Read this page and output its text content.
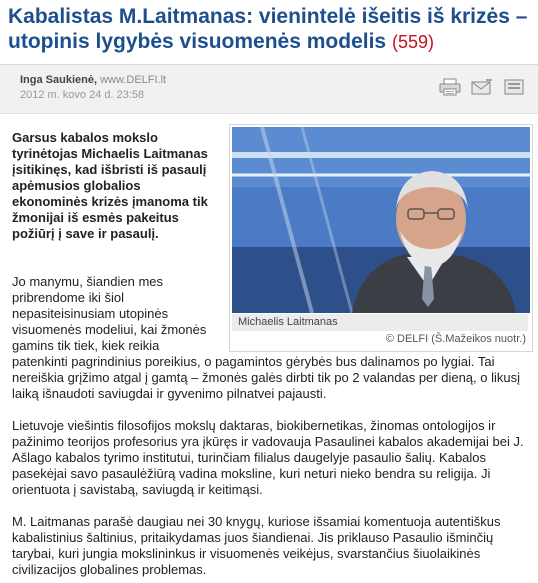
Kabalistas M.Laitmanas: vienintelė išeitis iš krizės – utopinis lygybės visuomenės modelis (559)
Inga Saukienė, www.DELFI.lt
2012 m. kovo 24 d. 23:58

Garsus kabalos mokslo tyrinėtojas Michaelis Laitmanas įsitikinęs, kad išbristi iš pasaulį apėmusios globalios ekonominės krizės įmanoma tik žmonijai iš esmės pakeitus požiūrį į save ir pasaulį.

Michaelis Laitmanas
© DELFI (Š.Mažeikos nuotr.)

Jo manymu, šiandien mes pribrendome iki šiol nepasiteisinusiam utopinės visuomenės modeliui, kai žmonės gamins tik tiek, kiek reikia
patenkinti pagrindinius poreikius, o pagamintos gėrybės bus dalinamos po lygiai. Tai nereiškia grįžimo atgal į gamtą – žmonės galės dirbti tik po 2 valandas per dieną, o likusį laiką išnaudoti saviugdai ir gyvenimo pilnatvei pajausti.

Lietuvoje viešintis filosofijos mokslų daktaras, biokibernetikas, žinomas ontologijos ir pažinimo teorijos profesorius yra įkūręs ir vadovauja Pasaulinei kabalos akademijai bei J. Ašlago kabalos tyrimo institutui, turinčiam filialus daugelyje pasaulio šalių. Kabalos pasekėjai savo pasaulėžiūrą vadina moksline, kuri neturi nieko bendra su religija. Ji orientuota į savistabą, saviugdą ir keitimąsi.

M. Laitmanas parašė daugiau nei 30 knygų, kuriose išsamiai komentuoja autentiškus kabalistinius šaltinius, pritaikydamas juos šiandienai. Jis priklauso Pasaulio išminčių tarybai, kuri jungia mokslininkus ir visuomenės veikėjus, svarstančius šiuolaikinės civilizacijos globalines problemas.
